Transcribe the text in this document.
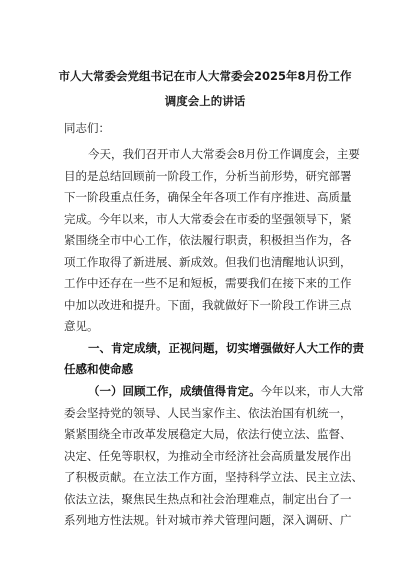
市人大常委会党组书记在市人大常委会2025年8月份工作
调度会上的讲话
同志们：
今天，我们召开市人大常委会8月份工作调度会，主要
目的是总结回顾前一阶段工作，分析当前形势，研究部署
下一阶段重点任务，确保全年各项工作有序推进、高质量
完成。今年以来，市人大常委会在市委的坚强领导下，紧
紧围绕全市中心工作，依法履行职责，积极担当作为，各
项工作取得了新进展、新成效。但我们也清醒地认识到，
工作中还存在一些不足和短板，需要我们在接下来的工作
中加以改进和提升。下面，我就做好下一阶段工作讲三点
意见。
一、肯定成绩，正视问题，切实增强做好人大工作的责
任感和使命感
（一）回顾工作，成绩值得肯定。 今年以来，市人大常
委会坚持党的领导、人民当家作主、依法治国有机统一，
紧紧围绕全市改革发展稳定大局，依法行使立法、监督、
决定、任免等职权，为推动全市经济社会高质量发展作出
了积极贡献。在立法工作方面，坚持科学立法、民主立法、
依法立法，聚焦民生热点和社会治理难点，制定出台了一
系列地方性法规。针对城市养犬管理问题，深入调研、广
